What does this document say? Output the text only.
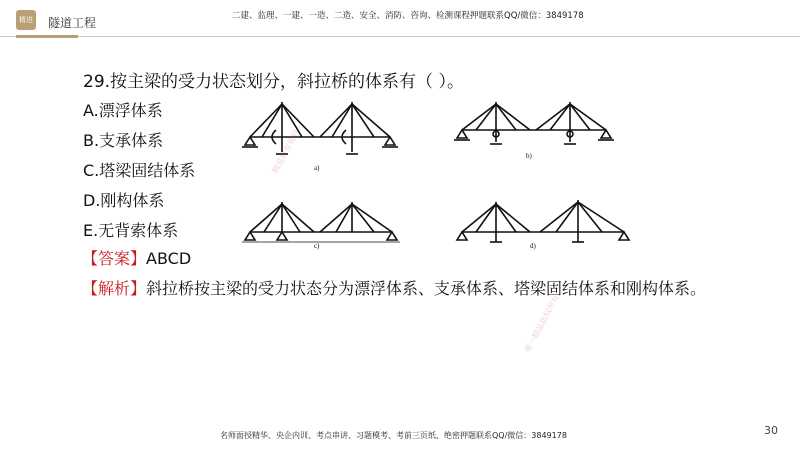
精进 隧道工程	二建、监理、一建、一造、二造、安全、消防、咨询、检测课程押题联系QQ/微信：3849178
29.按主梁的受力状态划分，斜拉桥的体系有（ ）。
A.漂浮体系
B.支承体系
C.塔梁固结体系
D.刚构体系
E.无背索体系
【答案】ABCD
【解析】斜拉桥按主梁的受力状态分为漂浮体系、支承体系、塔梁固结体系和刚构体系。
a)
b)
c)	d)
精进教育资料
唯一精品版权所有
名师面授精华、央企内训、考点串讲、习题模考、考前三页纸、绝密押题联系QQ/微信：3849178	30
